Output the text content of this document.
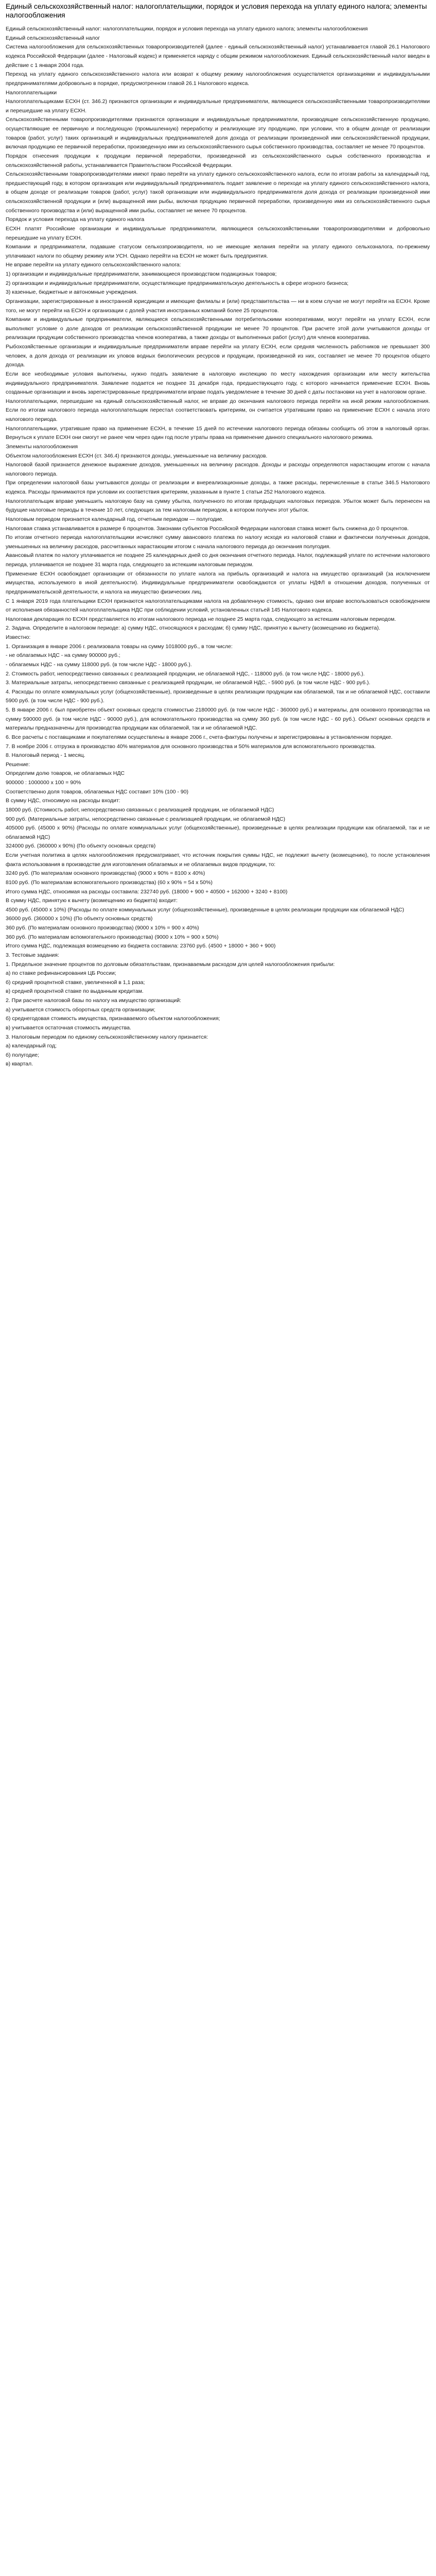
Единый сельскохозяйственный налог: налогоплательщики, порядок и условия перехода на уплату единого налога; элементы налогообложения
Единый сельскохозяйственный налог: налогоплательщики, порядок и условия перехода на уплату единого налога; элементы налогообложения
Единый сельскохозяйственный налог
Система налогообложения для сельскохозяйственных товаропроизводителей (далее - единый сельскохозяйственный налог) устанавливается главой 26.1 Налогового кодекса Российской Федерации (далее - Налоговый кодекс) и применяется наряду с общим режимом налогообложения. Единый сельскохозяйственный налог введен в действие с 1 января 2004 года.
Переход на уплату единого сельскохозяйственного налога или возврат к общему режиму налогообложения осуществляется организациями и индивидуальными предпринимателями добровольно в порядке, предусмотренном главой 26.1 Налогового кодекса.
Налогоплательщики
Налогоплательщиками ЕСХН (ст. 346.2) признаются организации и индивидуальные предприниматели, являющиеся сельскохозяйственными товаропроизводителями и перешедшие на уплату ЕСХН.
Сельскохозяйственными товаропроизводителями признаются организации и индивидуальные предприниматели, производящие сельскохозяйственную продукцию, осуществляющие ее первичную и последующую (промышленную) переработку и реализующие эту продукцию, при условии, что в общем доходе от реализации товаров (работ, услуг) таких организаций и индивидуальных предпринимателей доля дохода от реализации произведенной ими сельскохозяйственной продукции, включая продукцию ее первичной переработки, произведенную ими из сельскохозяйственного сырья собственного производства, составляет не менее 70 процентов.
Порядок отнесения продукции к продукции первичной переработки, произведенной из сельскохозяйственного сырья собственного производства и сельскохозяйственной работы, устанавливается Правительством Российской Федерации.
Сельскохозяйственными товаропроизводителями имеют право перейти на уплату единого сельскохозяйственного налога, если по итогам работы за календарный год, предшествующий году, в котором организация или индивидуальный предприниматель подает заявление о переходе на уплату единого сельскохозяйственного налога, в общем доходе от реализации товаров (работ, услуг) такой организации или индивидуального предпринимателя доля дохода от реализации произведенной ими сельскохозяйственной продукции и (или) выращенной ими рыбы, включая продукцию первичной переработки, произведенную ими из сельскохозяйственного сырья собственного производства и (или) выращенной ими рыбы, составляет не менее 70 процентов.
Порядок и условия перехода на уплату единого налога
ЕСХН платят Российские организации и индивидуальные предприниматели, являющиеся сельскохозяйственными товаропроизводителями и добровольно перешедшие на уплату ЕСХН.
Компании и предприниматели, подавшие статусом сельхозпроизводителя, но не имеющие желания перейти на уплату единого сельхозналога, по-прежнему уплачивают налоги по общему режиму или УСН. Однако перейти на ЕСХН не может быть предприятия.
Не вправе перейти на уплату единого сельскохозяйственного налога:
1) организации и индивидуальные предприниматели, занимающиеся производством подакцизных товаров;
2) организации и индивидуальные предприниматели, осуществляющие предпринимательскую деятельность в сфере игорного бизнеса;
3) казенные, бюджетные и автономные учреждения.
Организации, зарегистрированные в иностранной юрисдикции и имеющие филиалы и (или) представительства — ни в коем случае не могут перейти на ЕСХН. Кроме того, не могут перейти на ЕСХН и организации с долей участия иностранных компаний более 25 процентов.
Компании и индивидуальные предприниматели, являющиеся сельскохозяйственными потребительскими кооперативами, могут перейти на уплату ЕСХН, если выполняют условие о доле доходов от реализации сельскохозяйственной продукции не менее 70 процентов. При расчете этой доли учитываются доходы от реализации продукции собственного производства членов кооператива, а также доходы от выполненных работ (услуг) для членов кооператива.
Рыбохозяйственные организации и индивидуальные предприниматели вправе перейти на уплату ЕСХН, если средняя численность работников не превышает 300 человек, а доля дохода от реализации их уловов водных биологических ресурсов и продукции, произведенной из них, составляет не менее 70 процентов общего дохода.
Если все необходимые условия выполнены, нужно подать заявление в налоговую инспекцию по месту нахождения организации или месту жительства индивидуального предпринимателя. Заявление подается не позднее 31 декабря года, предшествующего году, с которого начинается применение ЕСХН. Вновь созданные организации и вновь зарегистрированные предприниматели вправе подать уведомление в течение 30 дней с даты постановки на учет в налоговом органе.
Налогоплательщики, перешедшие на единый сельскохозяйственный налог, не вправе до окончания налогового периода перейти на иной режим налогообложения. Если по итогам налогового периода налогоплательщик перестал соответствовать критериям, он считается утратившим право на применение ЕСХН с начала этого налогового периода.
Налогоплательщики, утратившие право на применение ЕСХН, в течение 15 дней по истечении налогового периода обязаны сообщить об этом в налоговый орган. Вернуться к уплате ЕСХН они смогут не ранее чем через один год после утраты права на применение данного специального налогового режима.
Элементы налогообложения
Объектом налогообложения ЕСХН (ст. 346.4) признаются доходы, уменьшенные на величину расходов.
Налоговой базой признается денежное выражение доходов, уменьшенных на величину расходов. Доходы и расходы определяются нарастающим итогом с начала налогового периода.
При определении налоговой базы учитываются доходы от реализации и внереализационные доходы, а также расходы, перечисленные в статье 346.5 Налогового кодекса. Расходы принимаются при условии их соответствия критериям, указанным в пункте 1 статьи 252 Налогового кодекса.
Налогоплательщик вправе уменьшить налоговую базу на сумму убытка, полученного по итогам предыдущих налоговых периодов. Убыток может быть перенесен на будущие налоговые периоды в течение 10 лет, следующих за тем налоговым периодом, в котором получен этот убыток.
Налоговым периодом признается календарный год, отчетным периодом — полугодие.
Налоговая ставка устанавливается в размере 6 процентов. Законами субъектов Российской Федерации налоговая ставка может быть снижена до 0 процентов.
По итогам отчетного периода налогоплательщики исчисляют сумму авансового платежа по налогу исходя из налоговой ставки и фактически полученных доходов, уменьшенных на величину расходов, рассчитанных нарастающим итогом с начала налогового периода до окончания полугодия.
Авансовый платеж по налогу уплачивается не позднее 25 календарных дней со дня окончания отчетного периода. Налог, подлежащий уплате по истечении налогового периода, уплачивается не позднее 31 марта года, следующего за истекшим налоговым периодом.
Применение ЕСХН освобождает организации от обязанности по уплате налога на прибыль организаций и налога на имущество организаций (за исключением имущества, используемого в иной деятельности). Индивидуальные предприниматели освобождаются от уплаты НДФЛ в отношении доходов, полученных от предпринимательской деятельности, и налога на имущество физических лиц.
С 1 января 2019 года плательщики ЕСХН признаются налогоплательщиками налога на добавленную стоимость, однако они вправе воспользоваться освобождением от исполнения обязанностей налогоплательщика НДС при соблюдении условий, установленных статьей 145 Налогового кодекса.
Налоговая декларация по ЕСХН представляется по итогам налогового периода не позднее 25 марта года, следующего за истекшим налоговым периодом.
2. Задача. Определите в налоговом периоде: а) сумму НДС, относящуюся к расходам; б) сумму НДС, принятую к вычету (возмещению из бюджета).
Известно:
1. Организация в январе 2006 г. реализовала товары на сумму 1018000 руб., в том числе:
- не облагаемых НДС - на сумму 900000 руб.;
- облагаемых НДС - на сумму 118000 руб. (в том числе НДС - 18000 руб.).
2. Стоимость работ, непосредственно связанных с реализацией продукции, не облагаемой НДС, - 118000 руб. (в том числе НДС - 18000 руб.).
3. Материальные затраты, непосредственно связанные с реализацией продукции, не облагаемой НДС, - 5900 руб. (в том числе НДС - 900 руб.).
4. Расходы по оплате коммунальных услуг (общехозяйственные), произведенные в целях реализации продукции как облагаемой, так и не облагаемой НДС, составили 5900 руб. (в том числе НДС - 900 руб.).
5. В январе 2006 г. был приобретен объект основных средств стоимостью 2180000 руб. (в том числе НДС - 360000 руб.) и материалы, для основного производства на сумму 590000 руб. (в том числе НДС - 90000 руб.), для вспомогательного производства на сумму 360 руб. (в том числе НДС - 60 руб.). Объект основных средств и материалы предназначены для производства продукции как облагаемой, так и не облагаемой НДС.
6. Все расчеты с поставщиками и покупателями осуществлены в январе 2006 г., счета-фактуры получены и зарегистрированы в установленном порядке.
7. В ноябре 2006 г. отгрузка в производство 40% материалов для основного производства и 50% материалов для вспомогательного производства.
8. Налоговый период - 1 месяц.
Решение:
Определим долю товаров, не облагаемых НДС
900000 : 1000000 х 100 = 90%
Соответственно доля товаров, облагаемых НДС составит 10% (100 - 90)
В сумму НДС, относимую на расходы входит:
18000 руб. (Стоимость работ, непосредственно связанных с реализацией продукции, не облагаемой НДС)
900 руб. (Материальные затраты, непосредственно связанные с реализацией продукции, не облагаемой НДС)
405000 руб. (45000 х 90%) (Расходы по оплате коммунальных услуг (общехозяйственные), произведенные в целях реализации продукции как облагаемой, так и не облагаемой НДС)
324000 руб. (360000 х 90%) (По объекту основных средств)
Если учетная политика в целях налогообложения предусматривает, что источник покрытия суммы НДС, не подлежит вычету (возмещению), то после установления факта использования в производстве для изготовления облагаемых и не облагаемых видов продукции, то:
3240 руб. (По материалам основного производства) (9000 х 90% = 8100 х 40%)
8100 руб. (По материалам вспомогательного производства) (60 х 90% = 54 х 50%)
Итого сумма НДС, относимая на расходы составила: 232740 руб. (18000 + 900 + 40500 + 162000 + 3240 + 8100)
В сумму НДС, принятую к вычету (возмещению из бюджета) входит:
4500 руб. (45000 х 10%) (Расходы по оплате коммунальных услуг (общехозяйственные), произведенные в целях реализации продукции как облагаемой НДС)
36000 руб. (360000 х 10%) (По объекту основных средств)
360 руб. (По материалам основного производства) (9000 х 10% = 900 х 40%)
360 руб. (По материалам вспомогательного производства) (9000 х 10% = 900 х 50%)
Итого сумма НДС, подлежащая возмещению из бюджета составила: 23760 руб. (4500 + 18000 + 360 + 900)
3. Тестовые задания:
1. Предельное значение процентов по долговым обязательствам, признаваемым расходом для целей налогообложения прибыли:
а) по ставке рефинансирования ЦБ России;
б) средний процентной ставке, увеличенной в 1,1 раза;
в) средней процентной ставке по выданным кредитам.
2. При расчете налоговой базы по налогу на имущество организаций:
а) учитывается стоимость оборотных средств организации;
б) среднегодовая стоимость имущества, признаваемого объектом налогообложения;
в) учитывается остаточная стоимость имущества.
3. Налоговым периодом по единому сельскохозяйственному налогу признается:
а) календарный год;
б) полугодие;
в) квартал.
